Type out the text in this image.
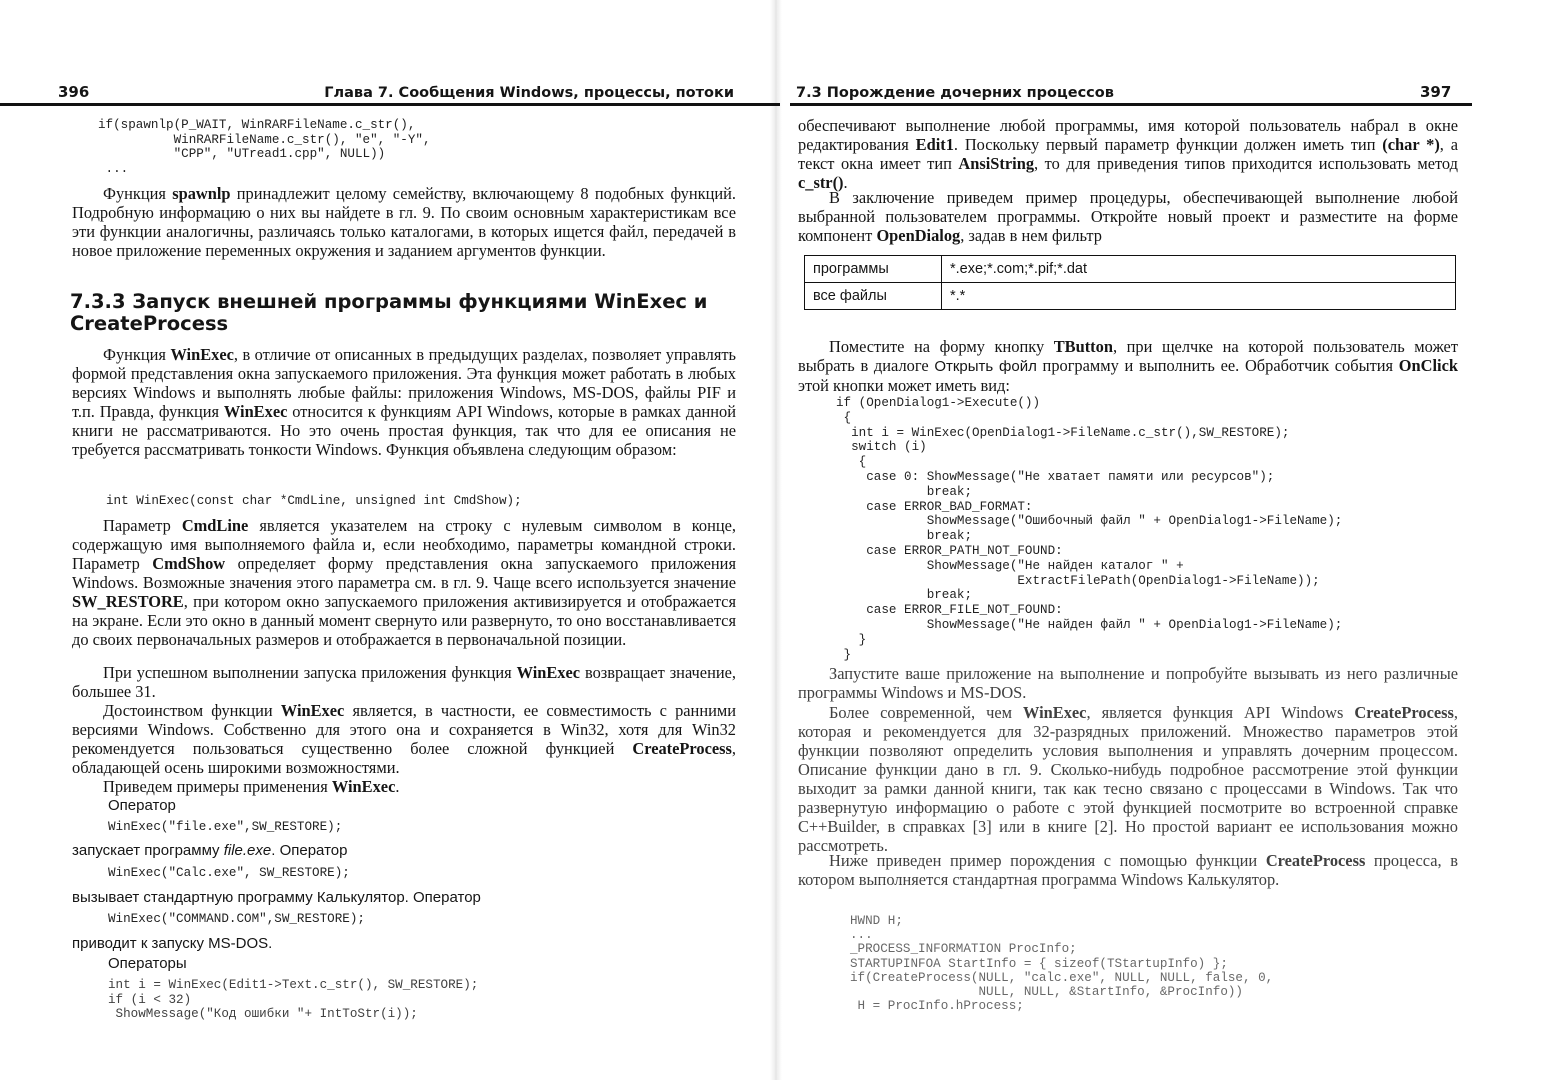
396	Глава 7. Сообщения Windows, процессы, потоки
if(spawnlp(P_WAIT, WinRARFileName.c_str(),
WinRARFileName.c_str(), "e", "-Y",
"CPP", "UTread1.cpp", NULL))
...

Функция spawnlp принадлежит целому семейству, включающему 8 подобных функций. Подробную информацию о них вы найдете в гл. 9. По своим основным характеристикам все эти функции аналогичны, различаясь только каталогами, в которых ищется файл, передачей в новое приложение переменных окружения и заданием аргументов функции.

7.3.3 Запуск внешней программы функциями WinExec и CreateProcess

Функция WinExec, в отличие от описанных в предыдущих разделах, позволяет управлять формой представления окна запускаемого приложения. Эта функция может работать в любых версиях Windows и выполнять любые файлы: приложения Windows, MS-DOS, файлы PIF и т.п. Правда, функция WinExec относится к функциям API Windows, которые в рамках данной книги не рассматриваются. Но это очень простая функция, так что для ее описания не требуется рассматривать тонкости Windows. Функция объявлена следующим образом:

int WinExec(const char *CmdLine, unsigned int CmdShow);

Параметр CmdLine является указателем на строку с нулевым символом в конце, содержащую имя выполняемого файла и, если необходимо, параметры командной строки. Параметр CmdShow определяет форму представления окна запускаемого приложения Windows. Возможные значения этого параметра см. в гл. 9. Чаще всего используется значение SW_RESTORE, при котором окно запускаемого приложения активизируется и отображается на экране. Если это окно в данный момент свернуто или развернуто, то оно восстанавливается до своих первоначальных размеров и отображается в первоначальной позиции.

При успешном выполнении запуска приложения функция WinExec возвращает значение, большее 31.

Достоинством функции WinExec является, в частности, ее совместимость с ранними версиями Windows. Собственно для этого она и сохраняется в Win32, хотя для Win32 рекомендуется пользоваться существенно более сложной функцией CreateProcess, обладающей осень широкими возможностями.

Приведем примеры применения WinExec.

Оператор

WinExec("file.exe",SW_RESTORE);

запускает программу file.exe. Оператор

WinExec("Calc.exe", SW_RESTORE);

вызывает стандартную программу Калькулятор. Оператор

WinExec("COMMAND.COM",SW_RESTORE);

приводит к запуску MS-DOS.

Операторы

int i = WinExec(Edit1->Text.c_str(), SW_RESTORE);
if (i < 32)
ShowMessage("Код ошибки "+ IntToStr(i));
7.3 Порождение дочерних процессов	397

обеспечивают выполнение любой программы, имя которой пользователь набрал в окне редактирования Edit1. Поскольку первый параметр функции должен иметь тип (char *), а текст окна имеет тип AnsiString, то для приведения типов приходится использовать метод c_str().

В заключение приведем пример процедуры, обеспечивающей выполнение любой выбранной пользователем программы. Откройте новый проект и разместите на форме компонент OpenDialog, задав в нем фильтр

программы	*.exe;*.com;*.pif;*.dat
все файлы	*.*

Поместите на форму кнопку TButton, при щелчке на которой пользователь может выбрать в диалоге Открыть фойл программу и выполнить ее. Обработчик события OnClick этой кнопки может иметь вид:

if (OpenDialog1->Execute())
{
int i = WinExec(OpenDialog1->FileName.c_str(),SW_RESTORE);
switch (i)
{
case 0: ShowMessage("Не хватает памяти или ресурсов");
break;
case ERROR_BAD_FORMAT:
ShowMessage("Ошибочный файл " + OpenDialog1->FileName);
break;
case ERROR_PATH_NOT_FOUND:
ShowMessage("Не найден каталог " +
ExtractFilePath(OpenDialog1->FileName));
break;
case ERROR_FILE_NOT_FOUND:
ShowMessage("Не найден файл " + OpenDialog1->FileName);
}
}

Запустите ваше приложение на выполнение и попробуйте вызывать из него различные программы Windows и MS-DOS.

Более современной, чем WinExec, является функция API Windows CreateProcess, которая и рекомендуется для 32-разрядных приложений. Множество параметров этой функции позволяют определить условия выполнения и управлять дочерним процессом. Описание функции дано в гл. 9. Сколько-нибудь подробное рассмотрение этой функции выходит за рамки данной книги, так как тесно связано с процессами в Windows. Так что развернутую информацию о работе с этой функцией посмотрите во встроенной справке C++Builder, в справках [3] или в книге [2]. Но простой вариант ее использования можно рассмотреть.

Ниже приведен пример порождения с помощью функции CreateProcess процесса, в котором выполняется стандартная программа Windows Калькулятор.

HWND H;
...
_PROCESS_INFORMATION ProcInfo;
STARTUPINFOA StartInfo = { sizeof(TStartupInfo) };
if(CreateProcess(NULL, "calc.exe", NULL, NULL, false, 0,
NULL, NULL, &StartInfo, &ProcInfo))
H = ProcInfo.hProcess;
